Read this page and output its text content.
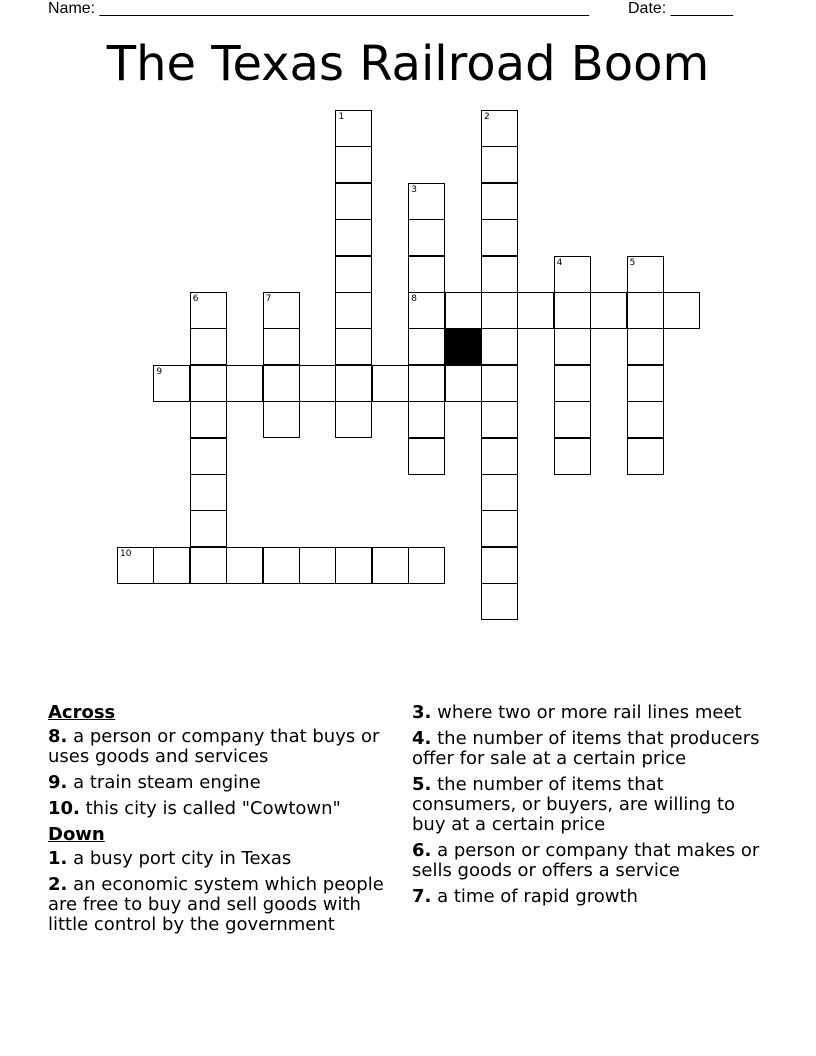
Name: _______________________________________________________ Date: _______
The Texas Railroad Boom
1	2
3
8
4	5
6	7
9
10
Across
8. a person or company that buys or uses goods and services
9. a train steam engine
10. this city is called "Cowtown"
Down
1. a busy port city in Texas
2. an economic system which people are free to buy and sell goods with little control by the government
3. where two or more rail lines meet
4. the number of items that producers offer for sale at a certain price
5. the number of items that consumers, or buyers, are willing to buy at a certain price
6. a person or company that makes or sells goods or offers a service
7. a time of rapid growth
